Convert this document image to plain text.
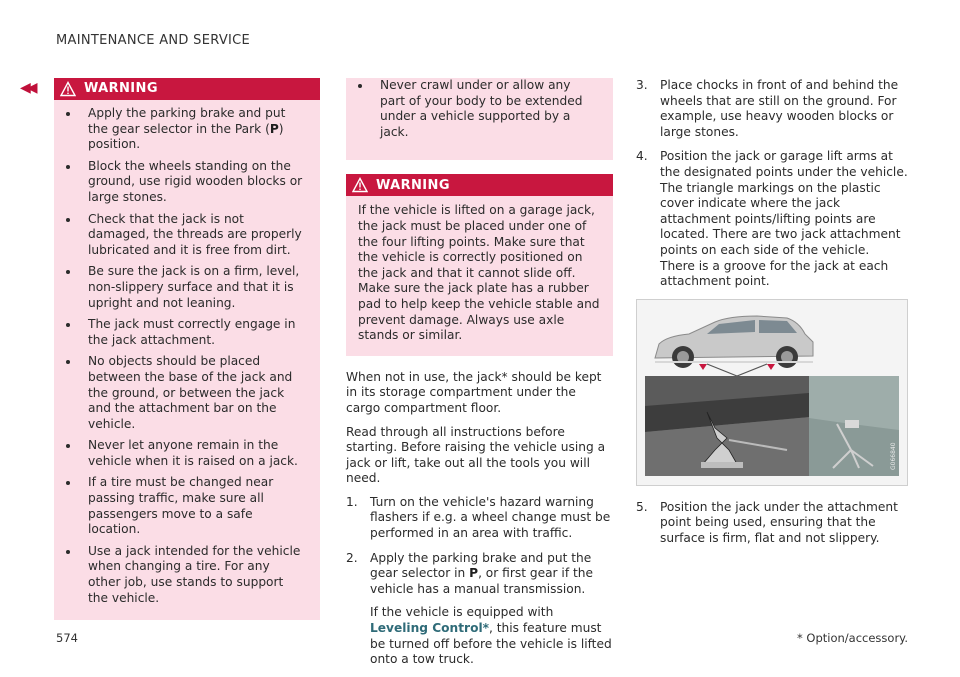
MAINTENANCE AND SERVICE
◀◀	WARNING
Apply the parking brake and put the gear selector in the Park (P) position.
Block the wheels standing on the ground, use rigid wooden blocks or large stones.
Check that the jack is not damaged, the threads are properly lubricated and it is free from dirt.
Be sure the jack is on a firm, level, non-slippery surface and that it is upright and not leaning.
The jack must correctly engage in the jack attachment.
No objects should be placed between the base of the jack and the ground, or between the jack and the attachment bar on the vehicle.
Never let anyone remain in the vehicle when it is raised on a jack.
If a tire must be changed near passing traffic, make sure all passengers move to a safe location.
Use a jack intended for the vehicle when changing a tire. For any other job, use stands to support the vehicle.
Never crawl under or allow any part of your body to be extended under a vehicle supported by a jack.
WARNING

If the vehicle is lifted on a garage jack, the jack must be placed under one of the four lifting points. Make sure that the vehicle is correctly positioned on the jack and that it cannot slide off. Make sure the jack plate has a rubber pad to help keep the vehicle stable and prevent damage. Always use axle stands or similar.

When not in use, the jack* should be kept in its storage compartment under the cargo compartment floor.

Read through all instructions before starting. Before raising the vehicle using a jack or lift, take out all the tools you will need.

1. Turn on the vehicle's hazard warning flashers if e.g. a wheel change must be performed in an area with traffic.
2. Apply the parking brake and put the gear selector in P, or first gear if the vehicle has a manual transmission.
If the vehicle is equipped with Leveling Control*, this feature must be turned off before the vehicle is lifted onto a tow truck.
3. Place chocks in front of and behind the wheels that are still on the ground. For example, use heavy wooden blocks or large stones.
4. Position the jack or garage lift arms at the designated points under the vehicle. The triangle markings on the plastic cover indicate where the jack attachment points/lifting points are located. There are two jack attachment points on each side of the vehicle. There is a groove for the jack at each attachment point.
G066840
5. Position the jack under the attachment point being used, ensuring that the surface is firm, flat and not slippery.
574	* Option/accessory.
